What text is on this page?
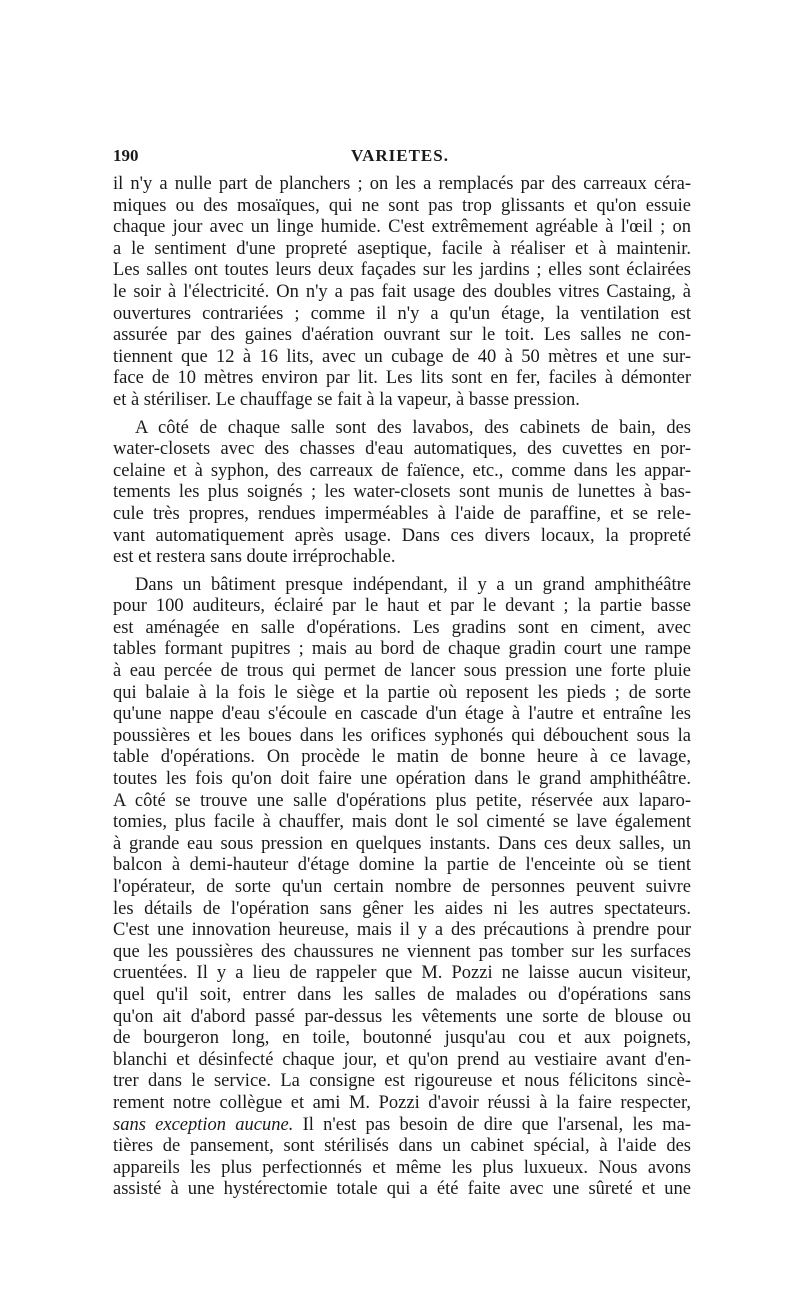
190	VARIETES.
il n'y a nulle part de planchers ; on les a remplacés par des carreaux céra-
miques ou des mosaïques, qui ne sont pas trop glissants et qu'on essuie
chaque jour avec un linge humide. C'est extrêmement agréable à l'œil ; on
a le sentiment d'une propreté aseptique, facile à réaliser et à maintenir.
Les salles ont toutes leurs deux façades sur les jardins ; elles sont éclairées
le soir à l'électricité. On n'y a pas fait usage des doubles vitres Castaing, à
ouvertures contrariées ; comme il n'y a qu'un étage, la ventilation est
assurée par des gaines d'aération ouvrant sur le toit. Les salles ne con-
tiennent que 12 à 16 lits, avec un cubage de 40 à 50 mètres et une sur-
face de 10 mètres environ par lit. Les lits sont en fer, faciles à démonter
et à stériliser. Le chauffage se fait à la vapeur, à basse pression.
A côté de chaque salle sont des lavabos, des cabinets de bain, des
water-closets avec des chasses d'eau automatiques, des cuvettes en por-
celaine et à syphon, des carreaux de faïence, etc., comme dans les appar-
tements les plus soignés ; les water-closets sont munis de lunettes à bas-
cule très propres, rendues imperméables à l'aide de paraffine, et se rele-
vant automatiquement après usage. Dans ces divers locaux, la propreté
est et restera sans doute irréprochable.
Dans un bâtiment presque indépendant, il y a un grand amphithéâtre
pour 100 auditeurs, éclairé par le haut et par le devant ; la partie basse
est aménagée en salle d'opérations. Les gradins sont en ciment, avec
tables formant pupitres ; mais au bord de chaque gradin court une rampe
à eau percée de trous qui permet de lancer sous pression une forte pluie
qui balaie à la fois le siège et la partie où reposent les pieds ; de sorte
qu'une nappe d'eau s'écoule en cascade d'un étage à l'autre et entraîne les
poussières et les boues dans les orifices syphonés qui débouchent sous la
table d'opérations. On procède le matin de bonne heure à ce lavage,
toutes les fois qu'on doit faire une opération dans le grand amphithéâtre.
A côté se trouve une salle d'opérations plus petite, réservée aux laparo-
tomies, plus facile à chauffer, mais dont le sol cimenté se lave également
à grande eau sous pression en quelques instants. Dans ces deux salles, un
balcon à demi-hauteur d'étage domine la partie de l'enceinte où se tient
l'opérateur, de sorte qu'un certain nombre de personnes peuvent suivre
les détails de l'opération sans gêner les aides ni les autres spectateurs.
C'est une innovation heureuse, mais il y a des précautions à prendre pour
que les poussières des chaussures ne viennent pas tomber sur les surfaces
cruentées. Il y a lieu de rappeler que M. Pozzi ne laisse aucun visiteur,
quel qu'il soit, entrer dans les salles de malades ou d'opérations sans
qu'on ait d'abord passé par-dessus les vêtements une sorte de blouse ou
de bourgeron long, en toile, boutonné jusqu'au cou et aux poignets,
blanchi et désinfecté chaque jour, et qu'on prend au vestiaire avant d'en-
trer dans le service. La consigne est rigoureuse et nous félicitons sincè-
rement notre collègue et ami M. Pozzi d'avoir réussi à la faire respecter,
sans exception aucune. Il n'est pas besoin de dire que l'arsenal, les ma-
tières de pansement, sont stérilisés dans un cabinet spécial, à l'aide des
appareils les plus perfectionnés et même les plus luxueux. Nous avons
assisté à une hystérectomie totale qui a été faite avec une sûreté et une
